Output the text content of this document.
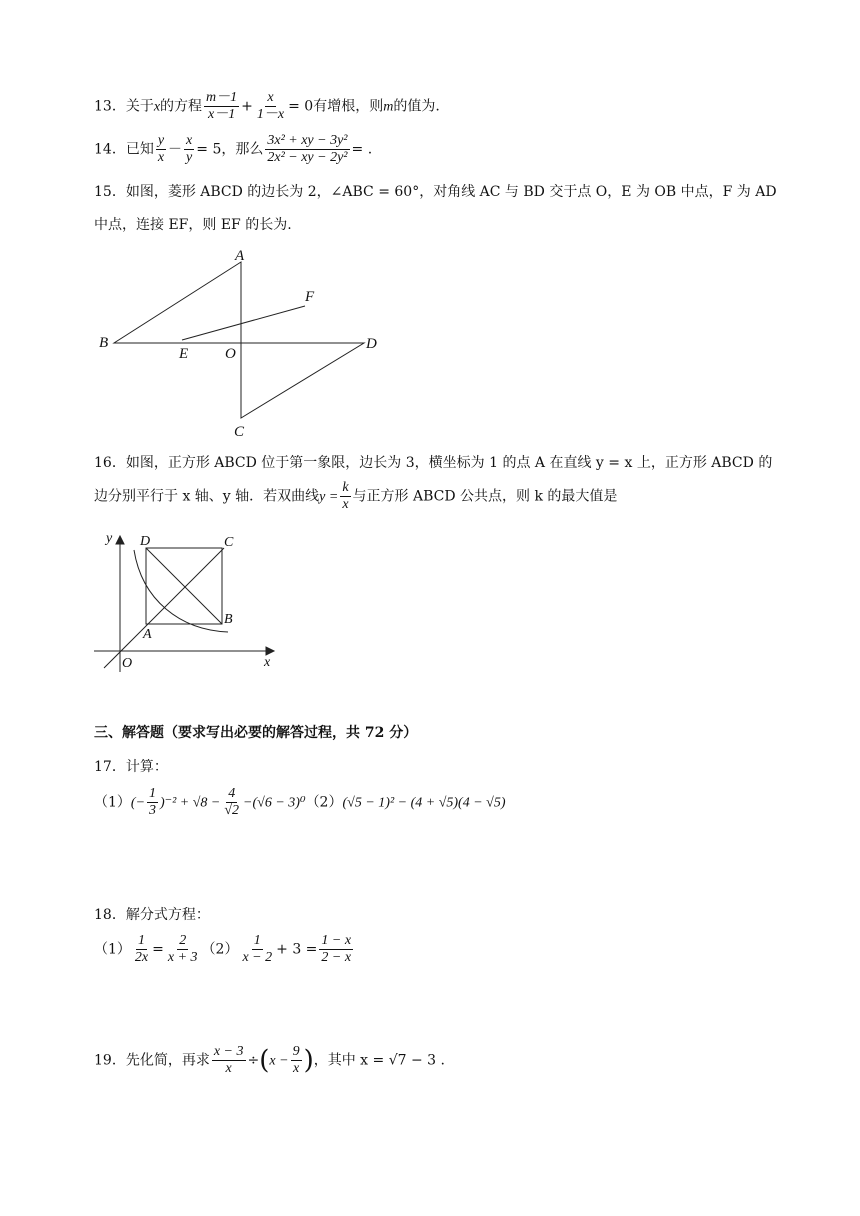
13．关于x的方程 $\frac{m-1}{x-1} + \frac{x}{1-x} = 0$有增根，则m的值为.
14．已知 $\frac{y}{x} - \frac{x}{y} = 5$，那么 $\frac{\text{3x² + xy − 3y²}}{\text{2x² − xy − 2y²}}$ = .
15．如图，菱形 ABCD 的边长为 2，∠ABC = 60°，对角线 AC 与 BD 交于点 O，E 为 OB 中点，F 为 AD
中点，连接 EF，则 EF 的长为.
A
B
C
D
E
F
O
16．如图，正方形 ABCD 位于第一象限，边长为 3，横坐标为 1 的点 A 在直线 y = x 上，正方形 ABCD 的
边分别平行于 x 轴、y 轴．若双曲线$y = \frac{k}{x}$ 与正方形 ABCD 公共点，则 k 的最大值是
y
x
O
A
B
C
D
三、解答题（要求写出必要的解答过程，共 72 分）
17．计算：
$(1)(- \frac{1}{3} )^{-2} + √8 - \frac{4}{√2} -(√6 - 3)^0(2)(√5 - 1)^2 - (4 + √5)(4 - √5)$
18．解分式方程：
$(1) \frac{1}{2x} = \frac{2}{x + 3} (2) \frac{1}{x - 2} + 3 = \frac{1 - x}{2 - x}$
19．先化简，再求 $\frac{x - 3}{x} \div(x - \frac{9}{x}$ )，其中 x = √7 − 3 .
